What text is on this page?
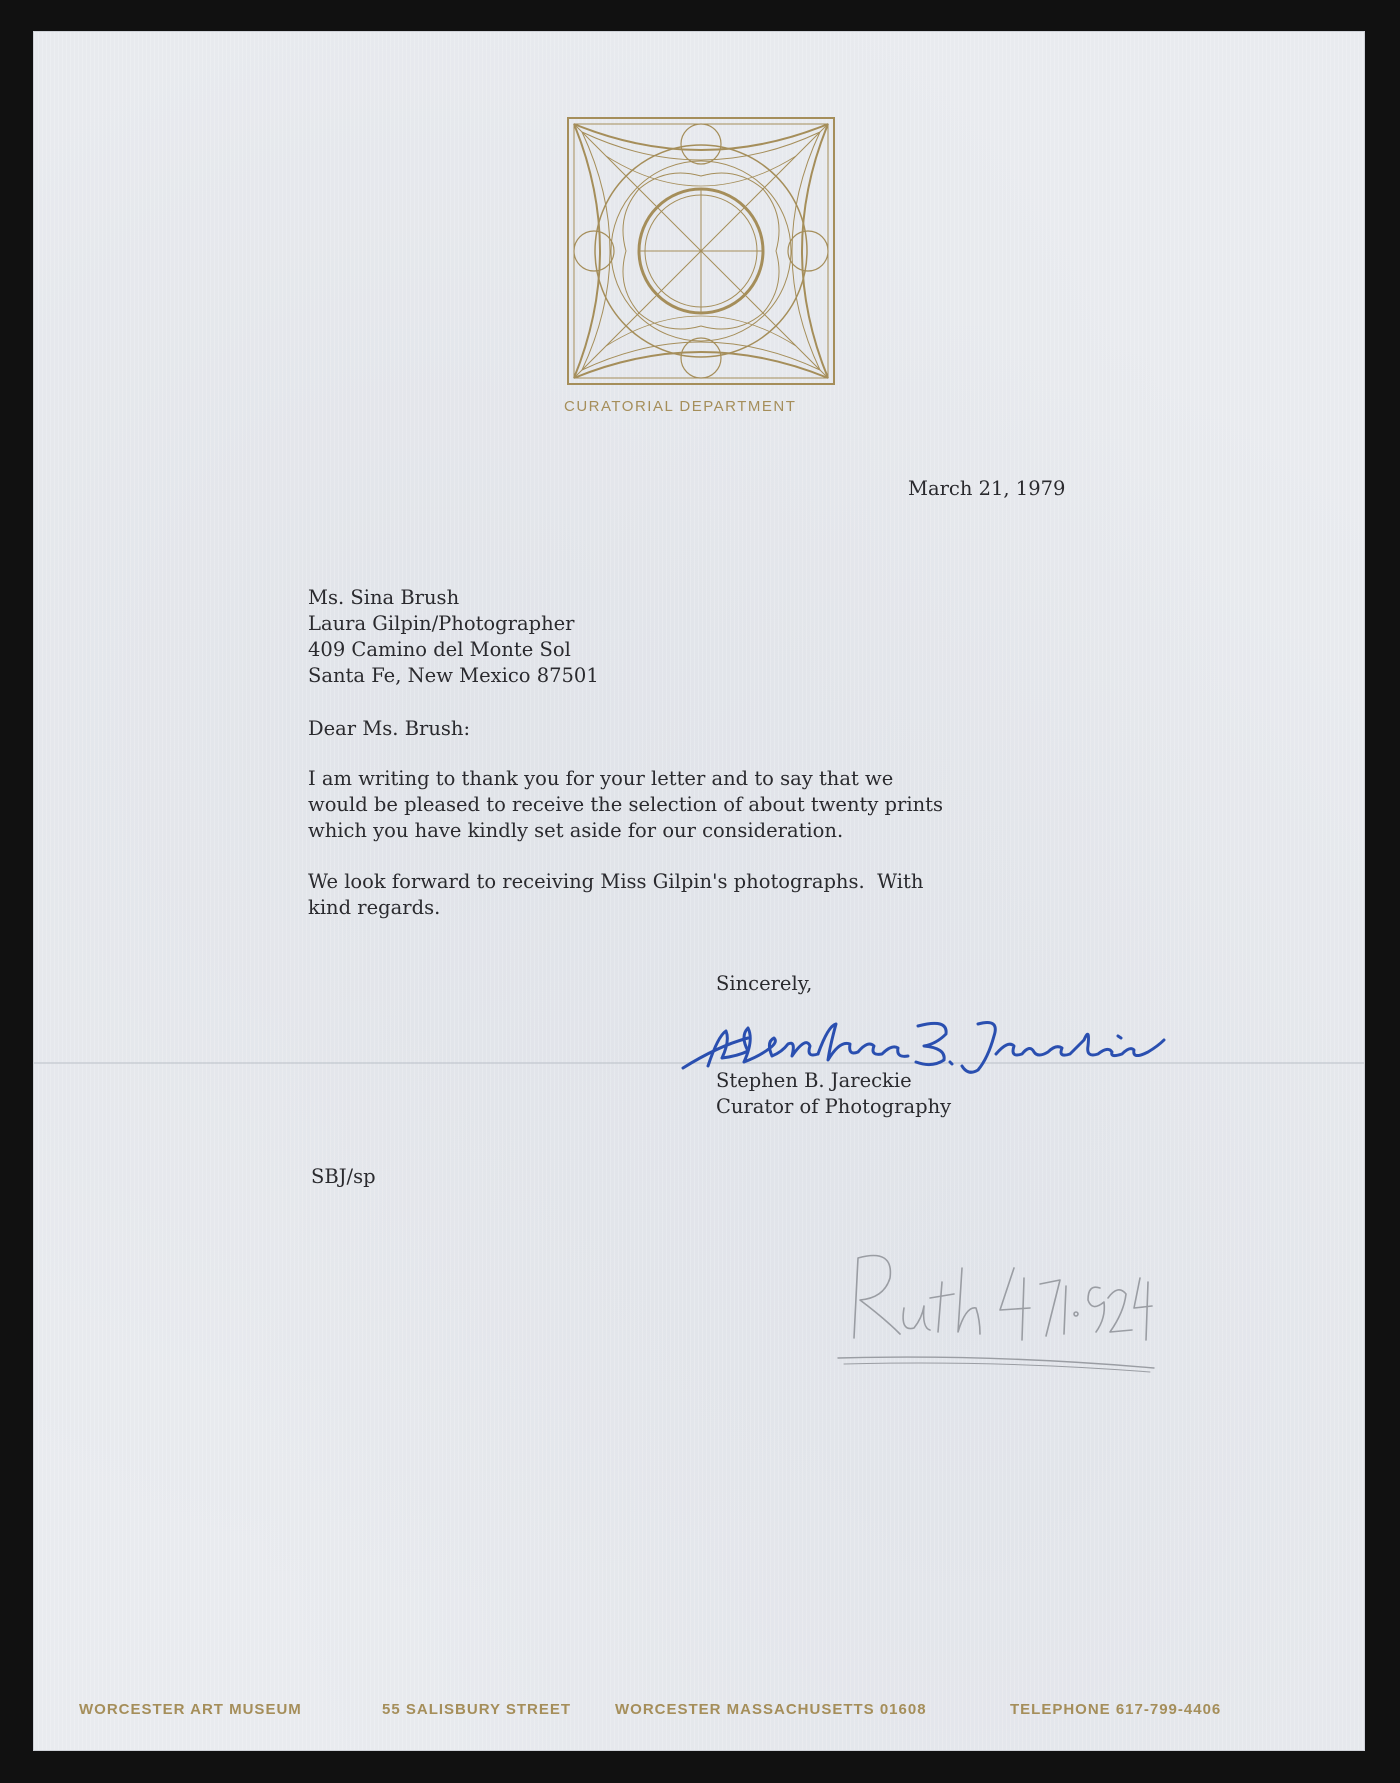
CURATORIAL DEPARTMENT
March 21, 1979
Ms. Sina Brush
Laura Gilpin/Photographer
409 Camino del Monte Sol
Santa Fe, New Mexico 87501
Dear Ms. Brush:
I am writing to thank you for your letter and to say that we
would be pleased to receive the selection of about twenty prints
which you have kindly set aside for our consideration.
We look forward to receiving Miss Gilpin's photographs.  With
kind regards.
Sincerely,
Stephen B. Jareckie
Curator of Photography
SBJ/sp
WORCESTER ART MUSEUM	55 SALISBURY STREET	WORCESTER MASSACHUSETTS 01608	TELEPHONE 617-799-4406
